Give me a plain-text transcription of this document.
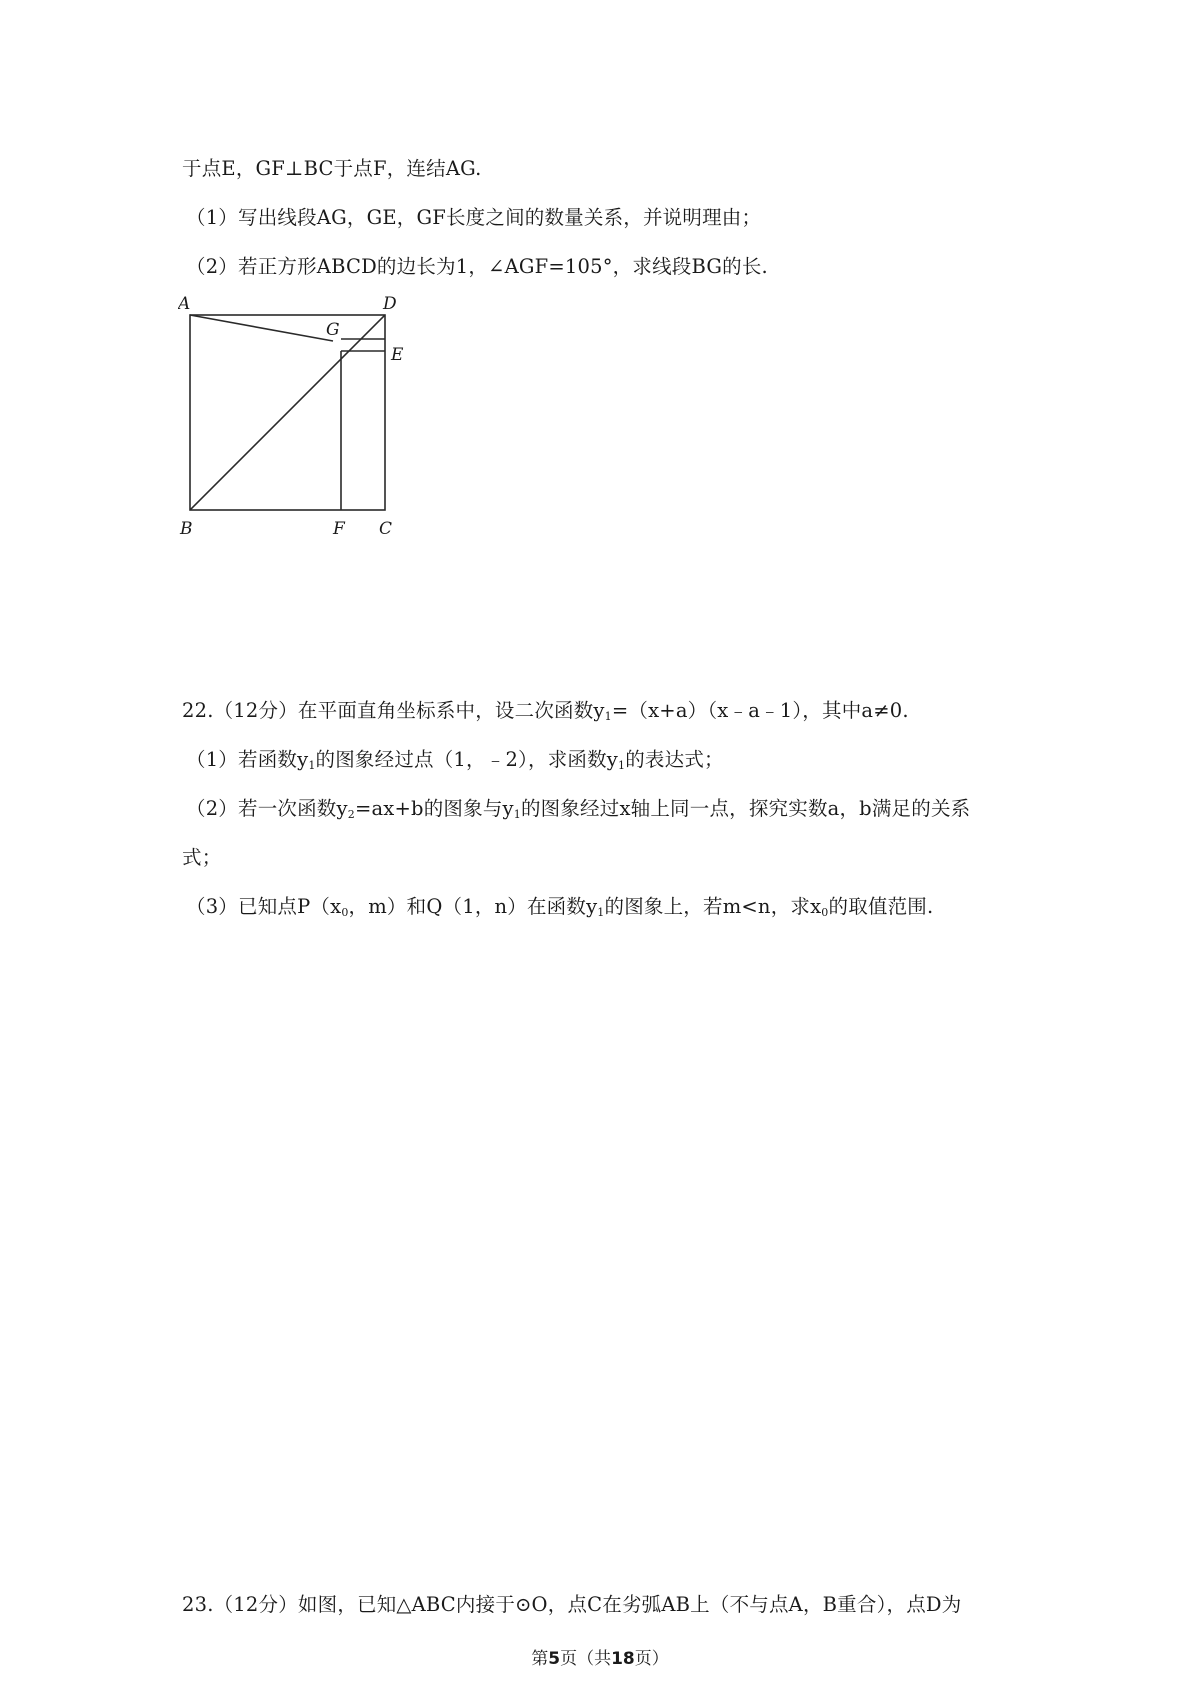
于点E，GF⊥BC于点F，连结AG.
（1）写出线段AG，GE，GF长度之间的数量关系，并说明理由；
（2）若正方形ABCD的边长为1，∠AGF=105°，求线段BG的长.
A	D
G
E
B	F C
22.（12分）在平面直角坐标系中，设二次函数$y_1=(x+a)(x﹣a﹣1)$，其中a≠0.
（1）若函数$y_1$的图象经过点（1，﹣2），求函数$y_1$的表达式；
（2）若一次函数$y_2=ax+b$的图象与$y_1$的图象经过x轴上同一点，探究实数a，b满足的关系
式；
（3）已知点$P(x_0$，m）和Q（1，n）在函数$y_1$的图象上，若m<n，求$x_0$的取值范围.
23.（12分）如图，已知△ABC内接于⊙O，点C在劣弧AB上（不与点A，B重合），点D为
第5页（共18页）
